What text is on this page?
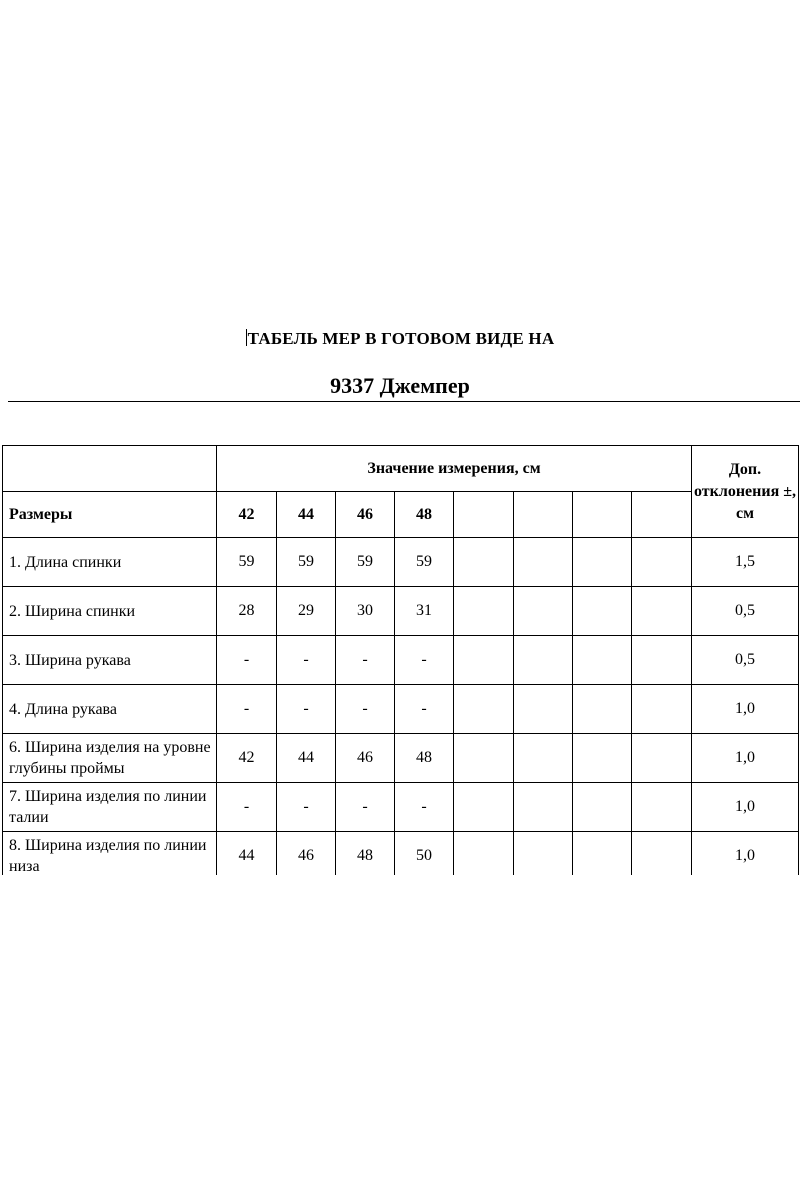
ТАБЕЛЬ МЕР В ГОТОВОМ ВИДЕ НА
9337 Джемпер

	Значение измерения, см								Доп. отклонения ±, см
Размеры	42	44	46	48					
1. Длина спинки	59	59	59	59					1,5
2. Ширина спинки	28	29	30	31					0,5
3. Ширина рукава	-	-	-	-					0,5
4. Длина рукава	-	-	-	-					1,0
6. Ширина изделия на уровне глубины проймы	42	44	46	48					1,0
7. Ширина изделия по линии талии	-	-	-	-					1,0
8. Ширина изделия по линии низа	44	46	48	50					1,0
